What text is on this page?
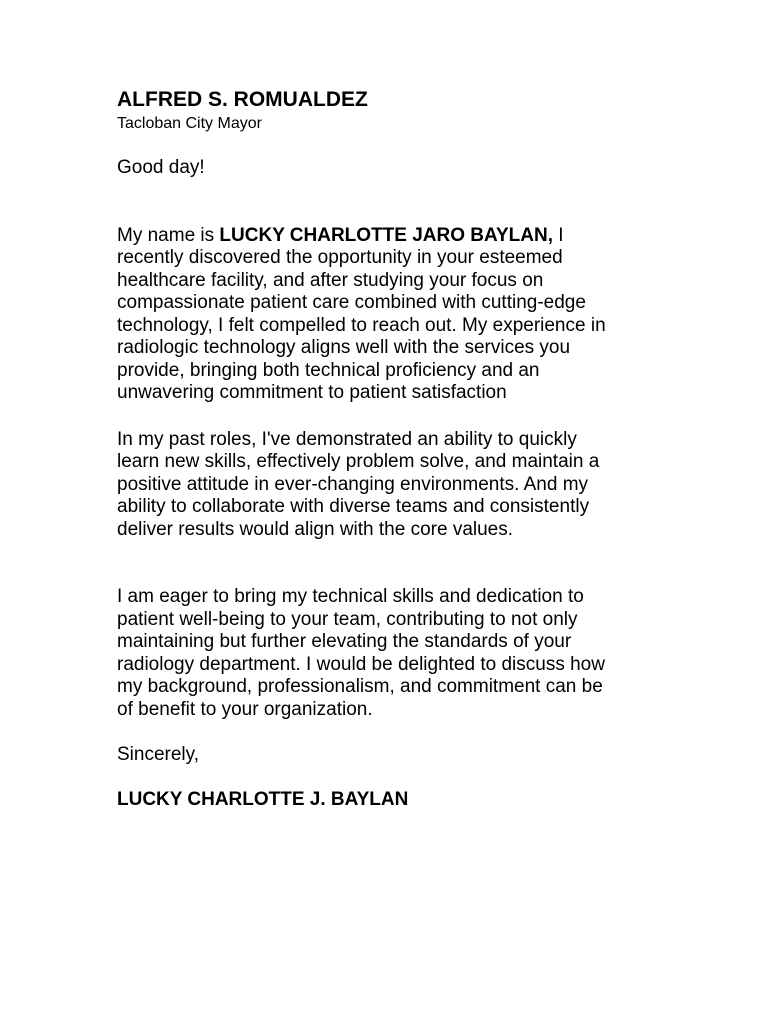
ALFRED S. ROMUALDEZ

Tacloban City Mayor

Good day!

My name is LUCKY CHARLOTTE JARO BAYLAN, I
recently discovered the opportunity in your esteemed
healthcare facility, and after studying your focus on
compassionate patient care combined with cutting-edge
technology, I felt compelled to reach out. My experience in
radiologic technology aligns well with the services you
provide, bringing both technical proficiency and an
unwavering commitment to patient satisfaction
In my past roles, I've demonstrated an ability to quickly
learn new skills, effectively problem solve, and maintain a
positive attitude in ever-changing environments. And my
ability to collaborate with diverse teams and consistently
deliver results would align with the core values.
I am eager to bring my technical skills and dedication to
patient well-being to your team, contributing to not only
maintaining but further elevating the standards of your
radiology department. I would be delighted to discuss how
my background, professionalism, and commitment can be
of benefit to your organization.

Sincerely,

LUCKY CHARLOTTE J. BAYLAN
